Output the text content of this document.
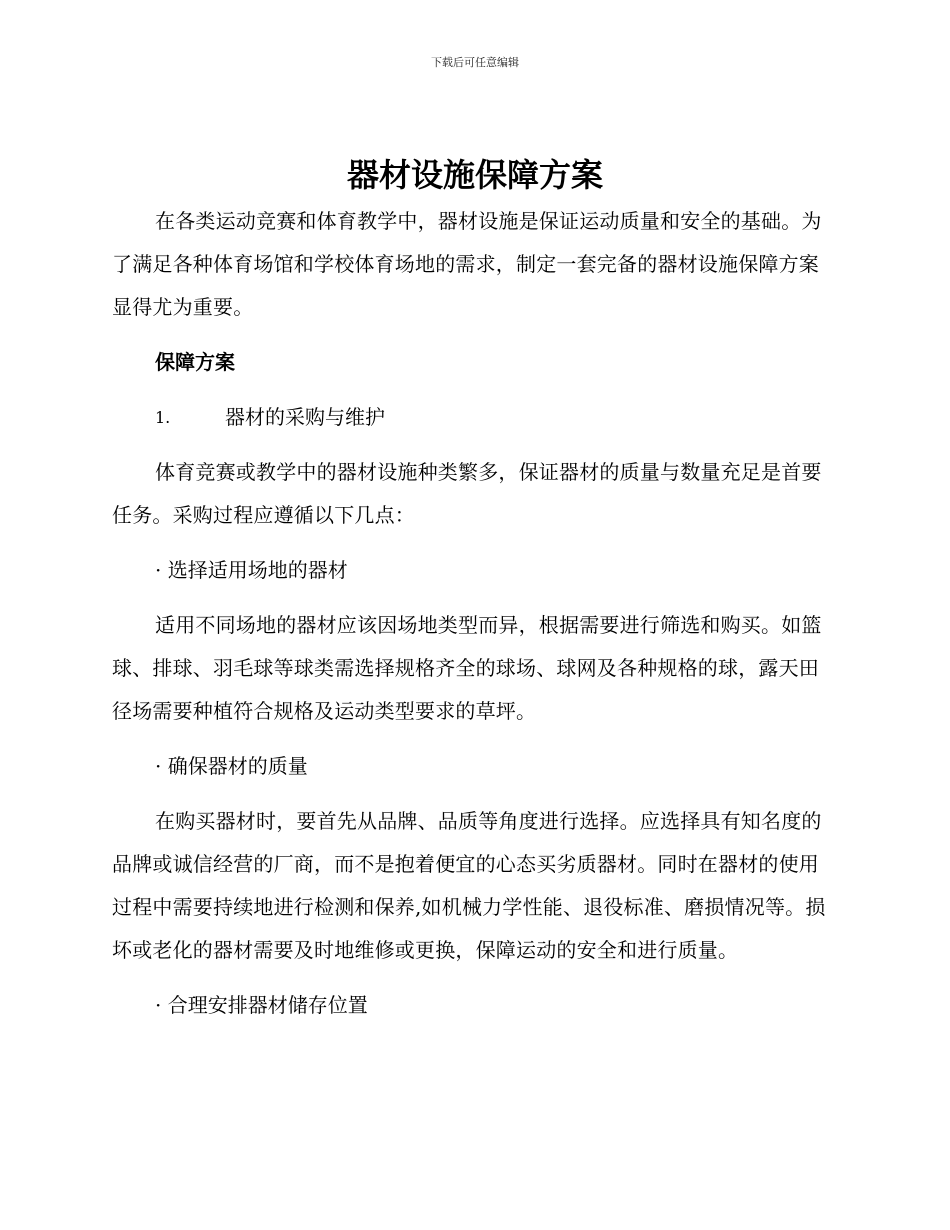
下载后可任意编辑
器材设施保障方案

在各类运动竞赛和体育教学中，器材设施是保证运动质量和安全的基础。为了满足各种体育场馆和学校体育场地的需求，制定一套完备的器材设施保障方案显得尤为重要。

保障方案

1.	器材的采购与维护

体育竞赛或教学中的器材设施种类繁多，保证器材的质量与数量充足是首要任务。采购过程应遵循以下几点：

· 选择适用场地的器材

适用不同场地的器材应该因场地类型而异，根据需要进行筛选和购买。如篮球、排球、羽毛球等球类需选择规格齐全的球场、球网及各种规格的球，露天田径场需要种植符合规格及运动类型要求的草坪。

· 确保器材的质量

在购买器材时，要首先从品牌、品质等角度进行选择。应选择具有知名度的品牌或诚信经营的厂商，而不是抱着便宜的心态买劣质器材。同时在器材的使用过程中需要持续地进行检测和保养,如机械力学性能、退役标准、磨损情况等。损坏或老化的器材需要及时地维修或更换，保障运动的安全和进行质量。

· 合理安排器材储存位置
